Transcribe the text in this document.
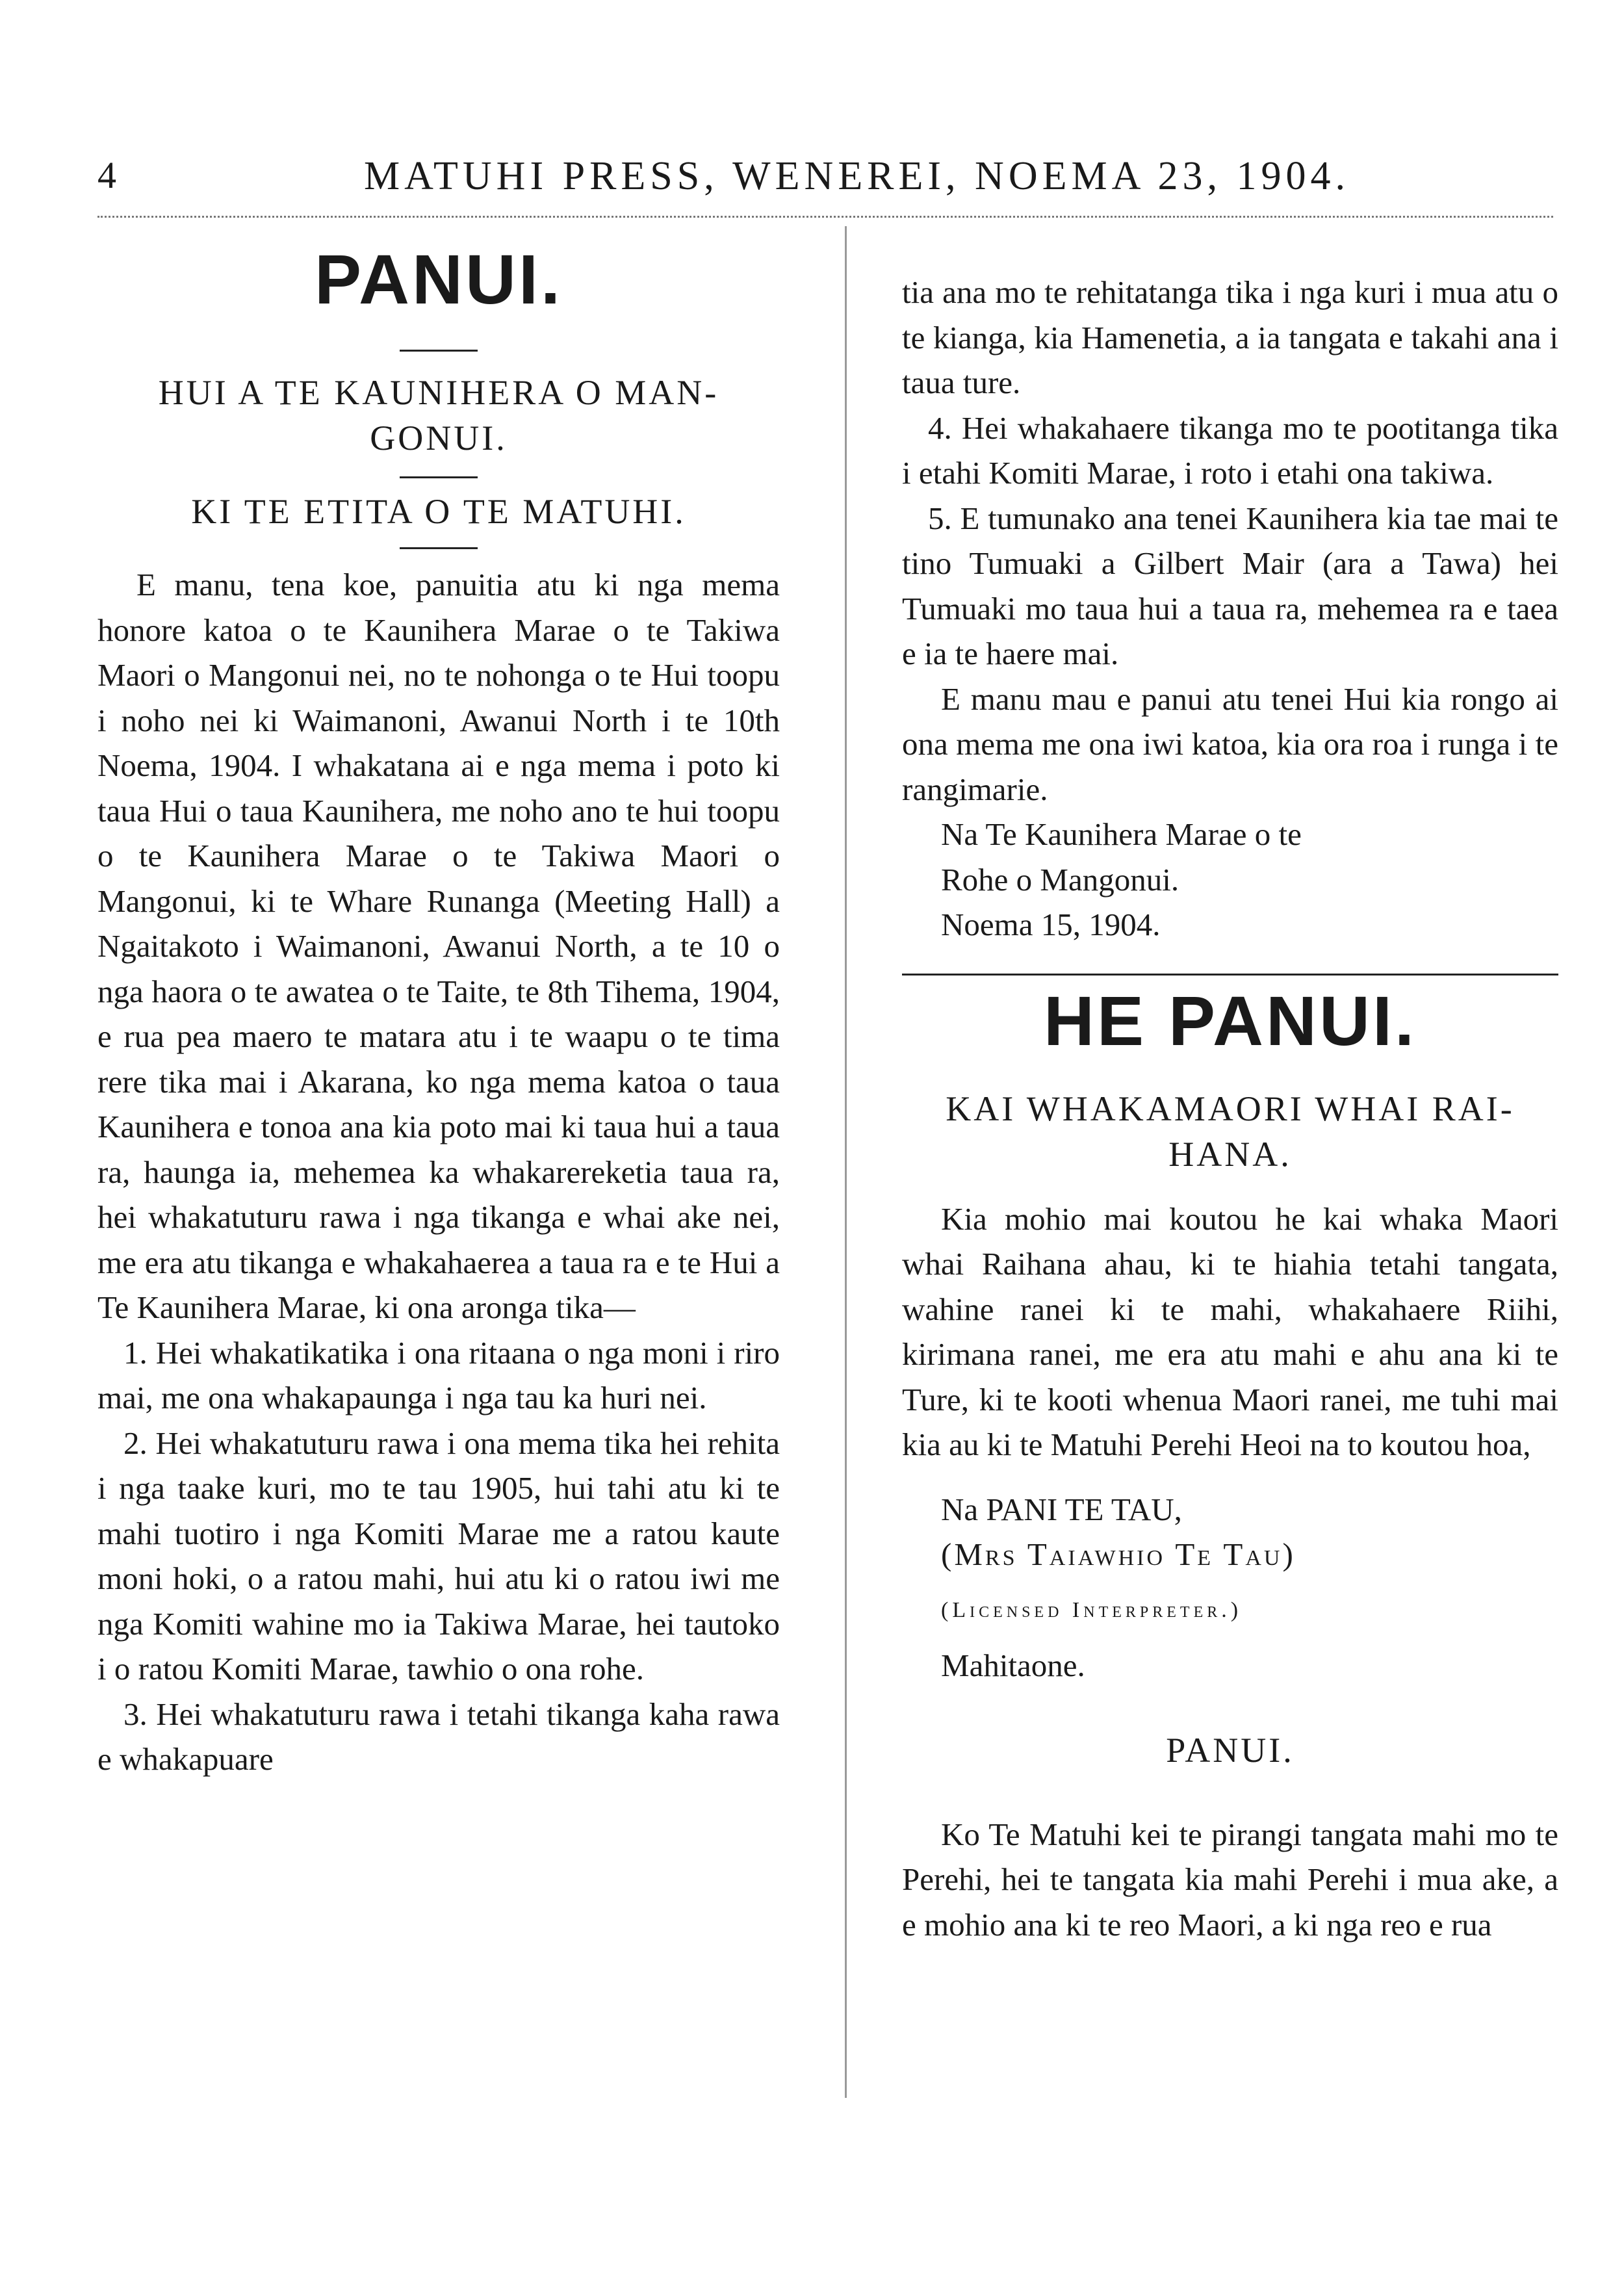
4	MATUHI PRESS, WENEREI, NOEMA 23, 1904.
PANUI.
HUI A TE KAUNIHERA O MAN-GONUI.
KI TE ETITA O TE MATUHI.

E manu, tena koe, panuitia atu ki nga mema honore katoa o te Kaunihera Marae o te Takiwa Maori o Mangonui nei, no te nohonga o te Hui toopu i noho nei ki Waimanoni, Awanui North i te 10th Noema, 1904. I whakatana ai e nga mema i poto ki taua Hui o taua Kaunihera, me noho ano te hui toopu o te Kaunihera Marae o te Takiwa Maori o Mangonui, ki te Whare Runanga (Meeting Hall) a Ngaitakoto i Waimanoni, Awanui North, a te 10 o nga haora o te awatea o te Taite, te 8th Tihema, 1904, e rua pea maero te matara atu i te waapu o te tima rere tika mai i Akarana, ko nga mema katoa o taua Kaunihera e tonoa ana kia poto mai ki taua hui a taua ra, haunga ia, mehemea ka whakarereketia taua ra, hei whakatuturu rawa i nga tikanga e whai ake nei, me era atu tikanga e whakahaerea a taua ra e te Hui a Te Kaunihera Marae, ki ona aronga tika—

1. Hei whakatikatika i ona ritaana o nga moni i riro mai, me ona whakapaunga i nga tau ka huri nei.

2. Hei whakatuturu rawa i ona mema tika hei rehita i nga taake kuri, mo te tau 1905, hui tahi atu ki te mahi tuotiro i nga Komiti Marae me a ratou kaute moni hoki, o a ratou mahi, hui atu ki o ratou iwi me nga Komiti wahine mo ia Takiwa Marae, hei tautoko i o ratou Komiti Marae, tawhio o ona rohe.

3. Hei whakatuturu rawa i tetahi tikanga kaha rawa e whakapuare

tia ana mo te rehitatanga tika i nga kuri i mua atu o te kianga, kia Hamenetia, a ia tangata e takahi ana i taua ture.

4. Hei whakahaere tikanga mo te pootitanga tika i etahi Komiti Marae, i roto i etahi ona takiwa.

5. E tumunako ana tenei Kaunihera kia tae mai te tino Tumuaki a Gilbert Mair (ara a Tawa) hei Tumuaki mo taua hui a taua ra, mehemea ra e taea e ia te haere mai.

E manu mau e panui atu tenei Hui kia rongo ai ona mema me ona iwi katoa, kia ora roa i runga i te rangimarie.

Na Te Kaunihera Marae o te

Rohe o Mangonui.

Noema 15, 1904.

HE PANUI.
KAI WHAKAMAORI WHAI RAI-HANA.

Kia mohio mai koutou he kai whaka Maori whai Raihana ahau, ki te hiahia tetahi tangata, wahine ranei ki te mahi, whakahaere Riihi, kirimana ranei, me era atu mahi e ahu ana ki te Ture, ki te kooti whenua Maori ranei, me tuhi mai kia au ki te Matuhi Perehi Heoi na to koutou hoa,

Na PANI TE TAU,

(Mrs Taiawhio Te Tau)

(Licensed Interpreter.)

Mahitaone.

PANUI.

Ko Te Matuhi kei te pirangi tangata mahi mo te Perehi, hei te tangata kia mahi Perehi i mua ake, a e mohio ana ki te reo Maori, a ki nga reo e rua
